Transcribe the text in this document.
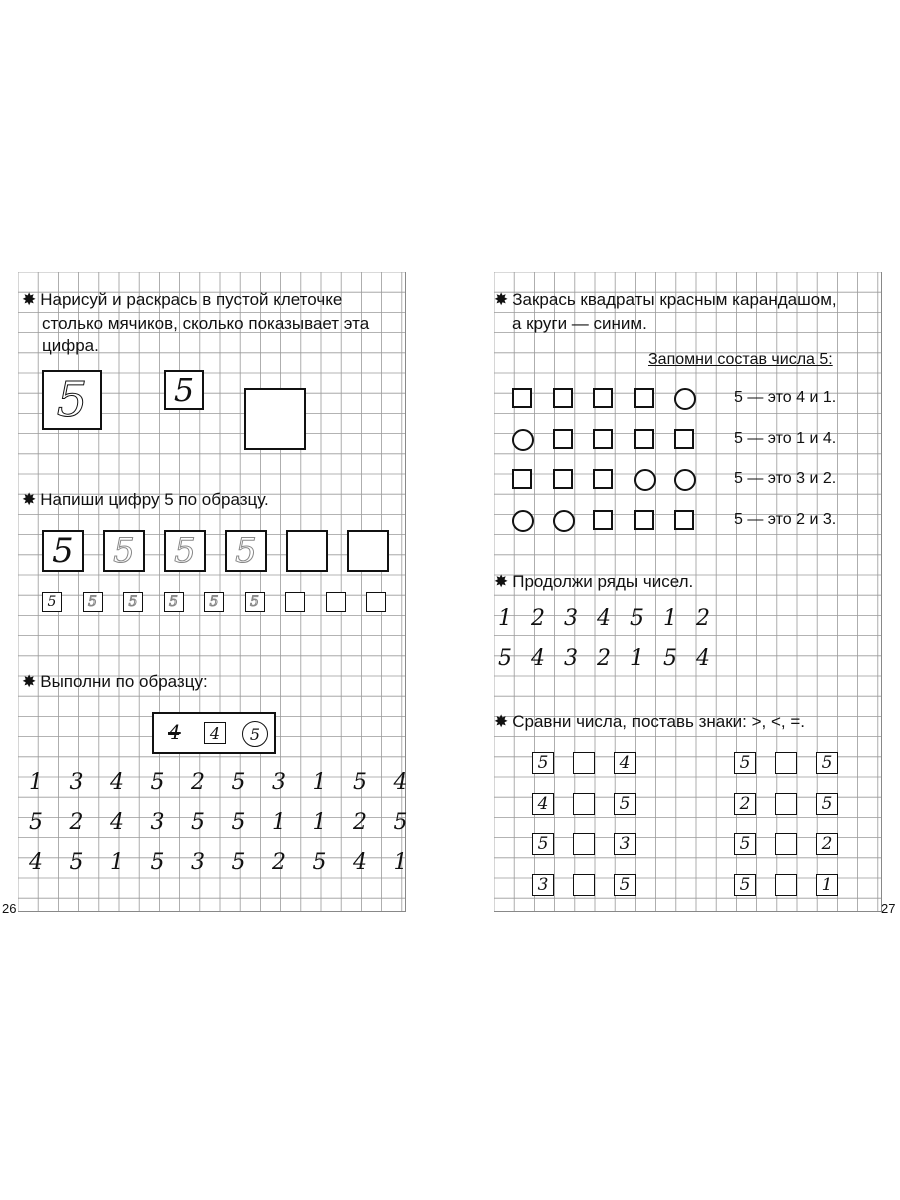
✸ Нарисуй и раскрась в пустой клеточке
столько мячиков, сколько показывает эта
цифра.
5	5
✸ Напиши цифру 5 по образцу.
5 5 5 5
5 5 5 5 5 5
✸ Выполни по образцу:
4 4 5
1 3 4 5 2 5 3 1 5 4
5 2 4 3 5 5 1 1 2 5
4 5 1 5 3 5 2 5 4 1
26
✸ Закрась квадраты красным карандашом,
а круги — синим.
Запомни состав числа 5:
5 — это 4 и 1.
5 — это 1 и 4.
5 — это 3 и 2.
5 — это 2 и 3.
✸ Продолжи ряды чисел.
1 2 3 4 5 1 2
5 4 3 2 1 5 4
✸ Сравни числа, поставь знаки: >, <, =.
5	4
4	5
5	3
3	5
5	5
2	5
5	2
5	1
27
